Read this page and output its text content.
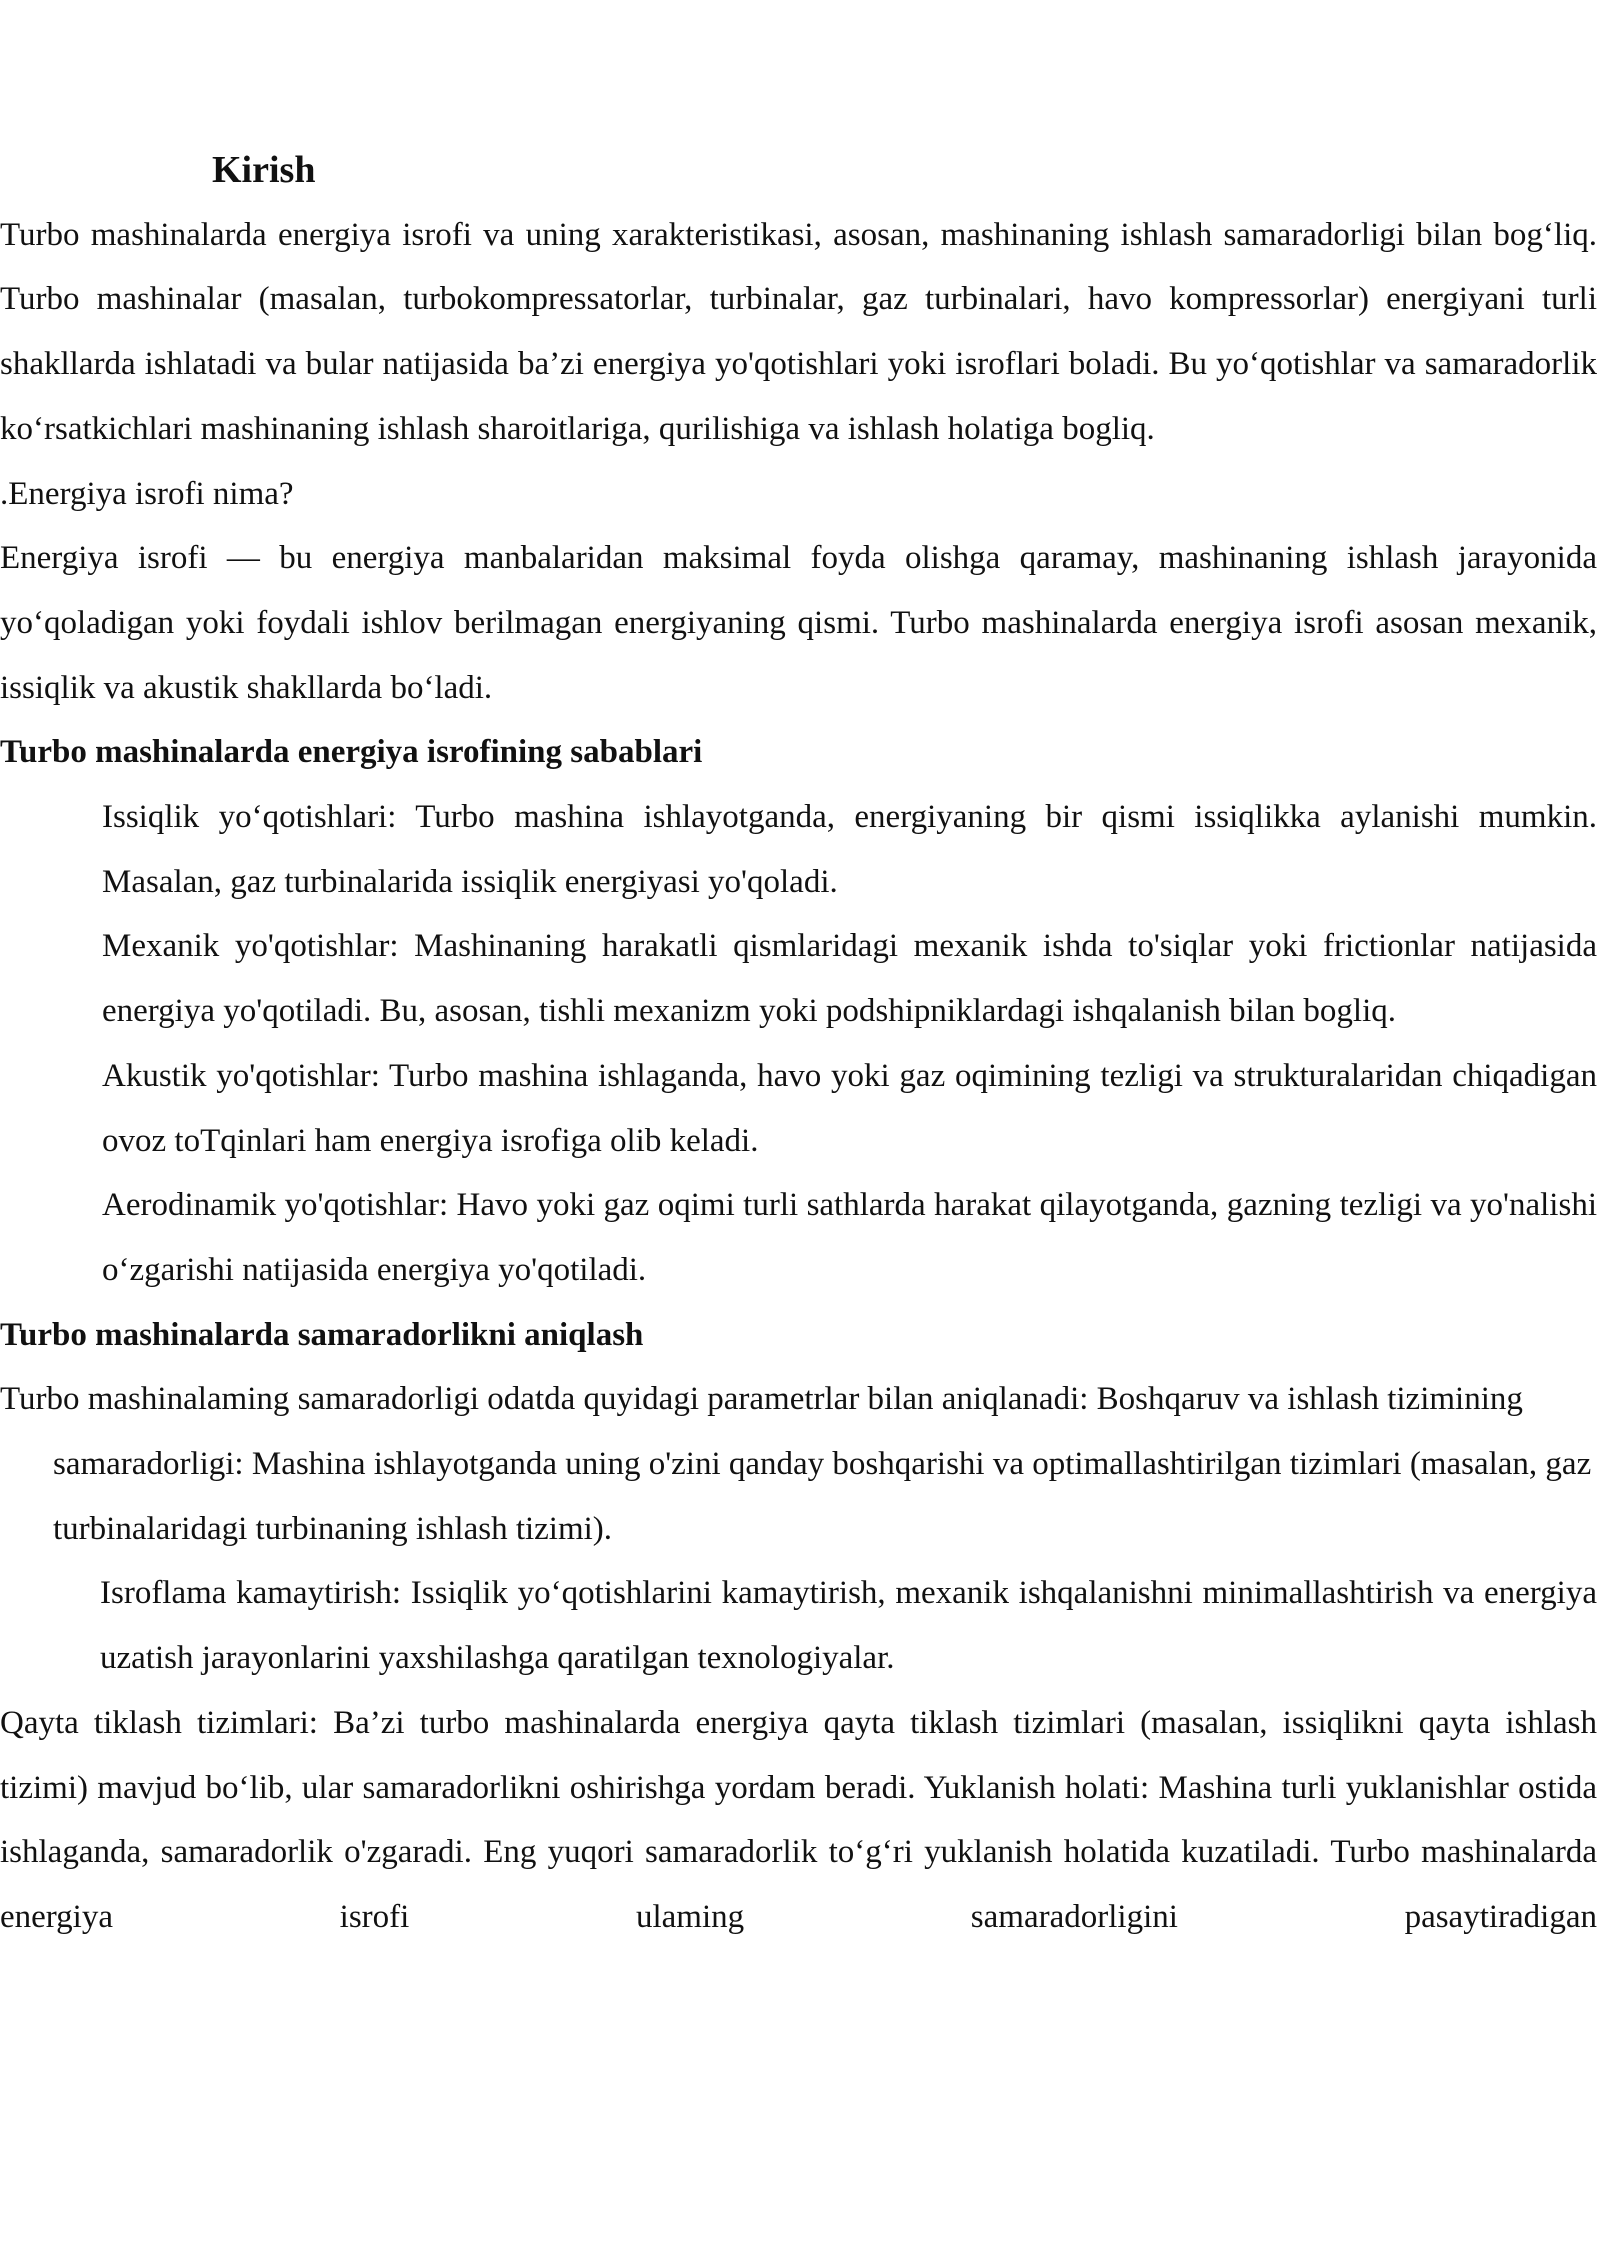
Kirish

Turbo mashinalarda energiya isrofi va uning xarakteristikasi, asosan, mashinaning ishlash samaradorligi bilan bog‘liq. Turbo mashinalar (masalan, turbokompressatorlar, turbinalar, gaz turbinalari, havo kompressorlar) energiyani turli shakllarda ishlatadi va bular natijasida ba’zi energiya yo'qotishlari yoki isroflari boladi. Bu yo‘qotishlar va samaradorlik ko‘rsatkichlari mashinaning ishlash sharoitlariga, qurilishiga va ishlash holatiga bogliq.

.Energiya isrofi nima?

Energiya isrofi — bu energiya manbalaridan maksimal foyda olishga qaramay, mashinaning ishlash jarayonida yo‘qoladigan yoki foydali ishlov berilmagan energiyaning qismi. Turbo mashinalarda energiya isrofi asosan mexanik, issiqlik va akustik shakllarda bo‘ladi.

Turbo mashinalarda energiya isrofining sabablari

Issiqlik yo‘qotishlari: Turbo mashina ishlayotganda, energiyaning bir qismi issiqlikka aylanishi mumkin. Masalan, gaz turbinalarida issiqlik energiyasi yo'qoladi.

Mexanik yo'qotishlar: Mashinaning harakatli qismlaridagi mexanik ishda to'siqlar yoki frictionlar natijasida energiya yo'qotiladi. Bu, asosan, tishli mexanizm yoki podshipniklardagi ishqalanish bilan bogliq.

Akustik yo'qotishlar: Turbo mashina ishlaganda, havo yoki gaz oqimining tezligi va strukturalaridan chiqadigan ovoz toTqinlari ham energiya isrofiga olib keladi.

Aerodinamik yo'qotishlar: Havo yoki gaz oqimi turli sathlarda harakat qilayotganda, gazning tezligi va yo'nalishi o‘zgarishi natijasida energiya yo'qotiladi.

Turbo mashinalarda samaradorlikni aniqlash

Turbo mashinalaming samaradorligi odatda quyidagi parametrlar bilan aniqlanadi: Boshqaruv va ishlash tizimining samaradorligi: Mashina ishlayotganda uning o'zini qanday boshqarishi va optimallashtirilgan tizimlari (masalan, gaz turbinalaridagi turbinaning ishlash tizimi).

Isroflama kamaytirish: Issiqlik yo‘qotishlarini kamaytirish, mexanik ishqalanishni minimallashtirish va energiya uzatish jarayonlarini yaxshilashga qaratilgan texnologiyalar.

Qayta tiklash tizimlari: Ba’zi turbo mashinalarda energiya qayta tiklash tizimlari (masalan, issiqlikni qayta ishlash tizimi) mavjud bo‘lib, ular samaradorlikni oshirishga yordam beradi. Yuklanish holati: Mashina turli yuklanishlar ostida ishlaganda, samaradorlik o'zgaradi. Eng yuqori samaradorlik to‘g‘ri yuklanish holatida kuzatiladi. Turbo mashinalarda energiya isrofi ulaming samaradorligini pasaytiradigan
